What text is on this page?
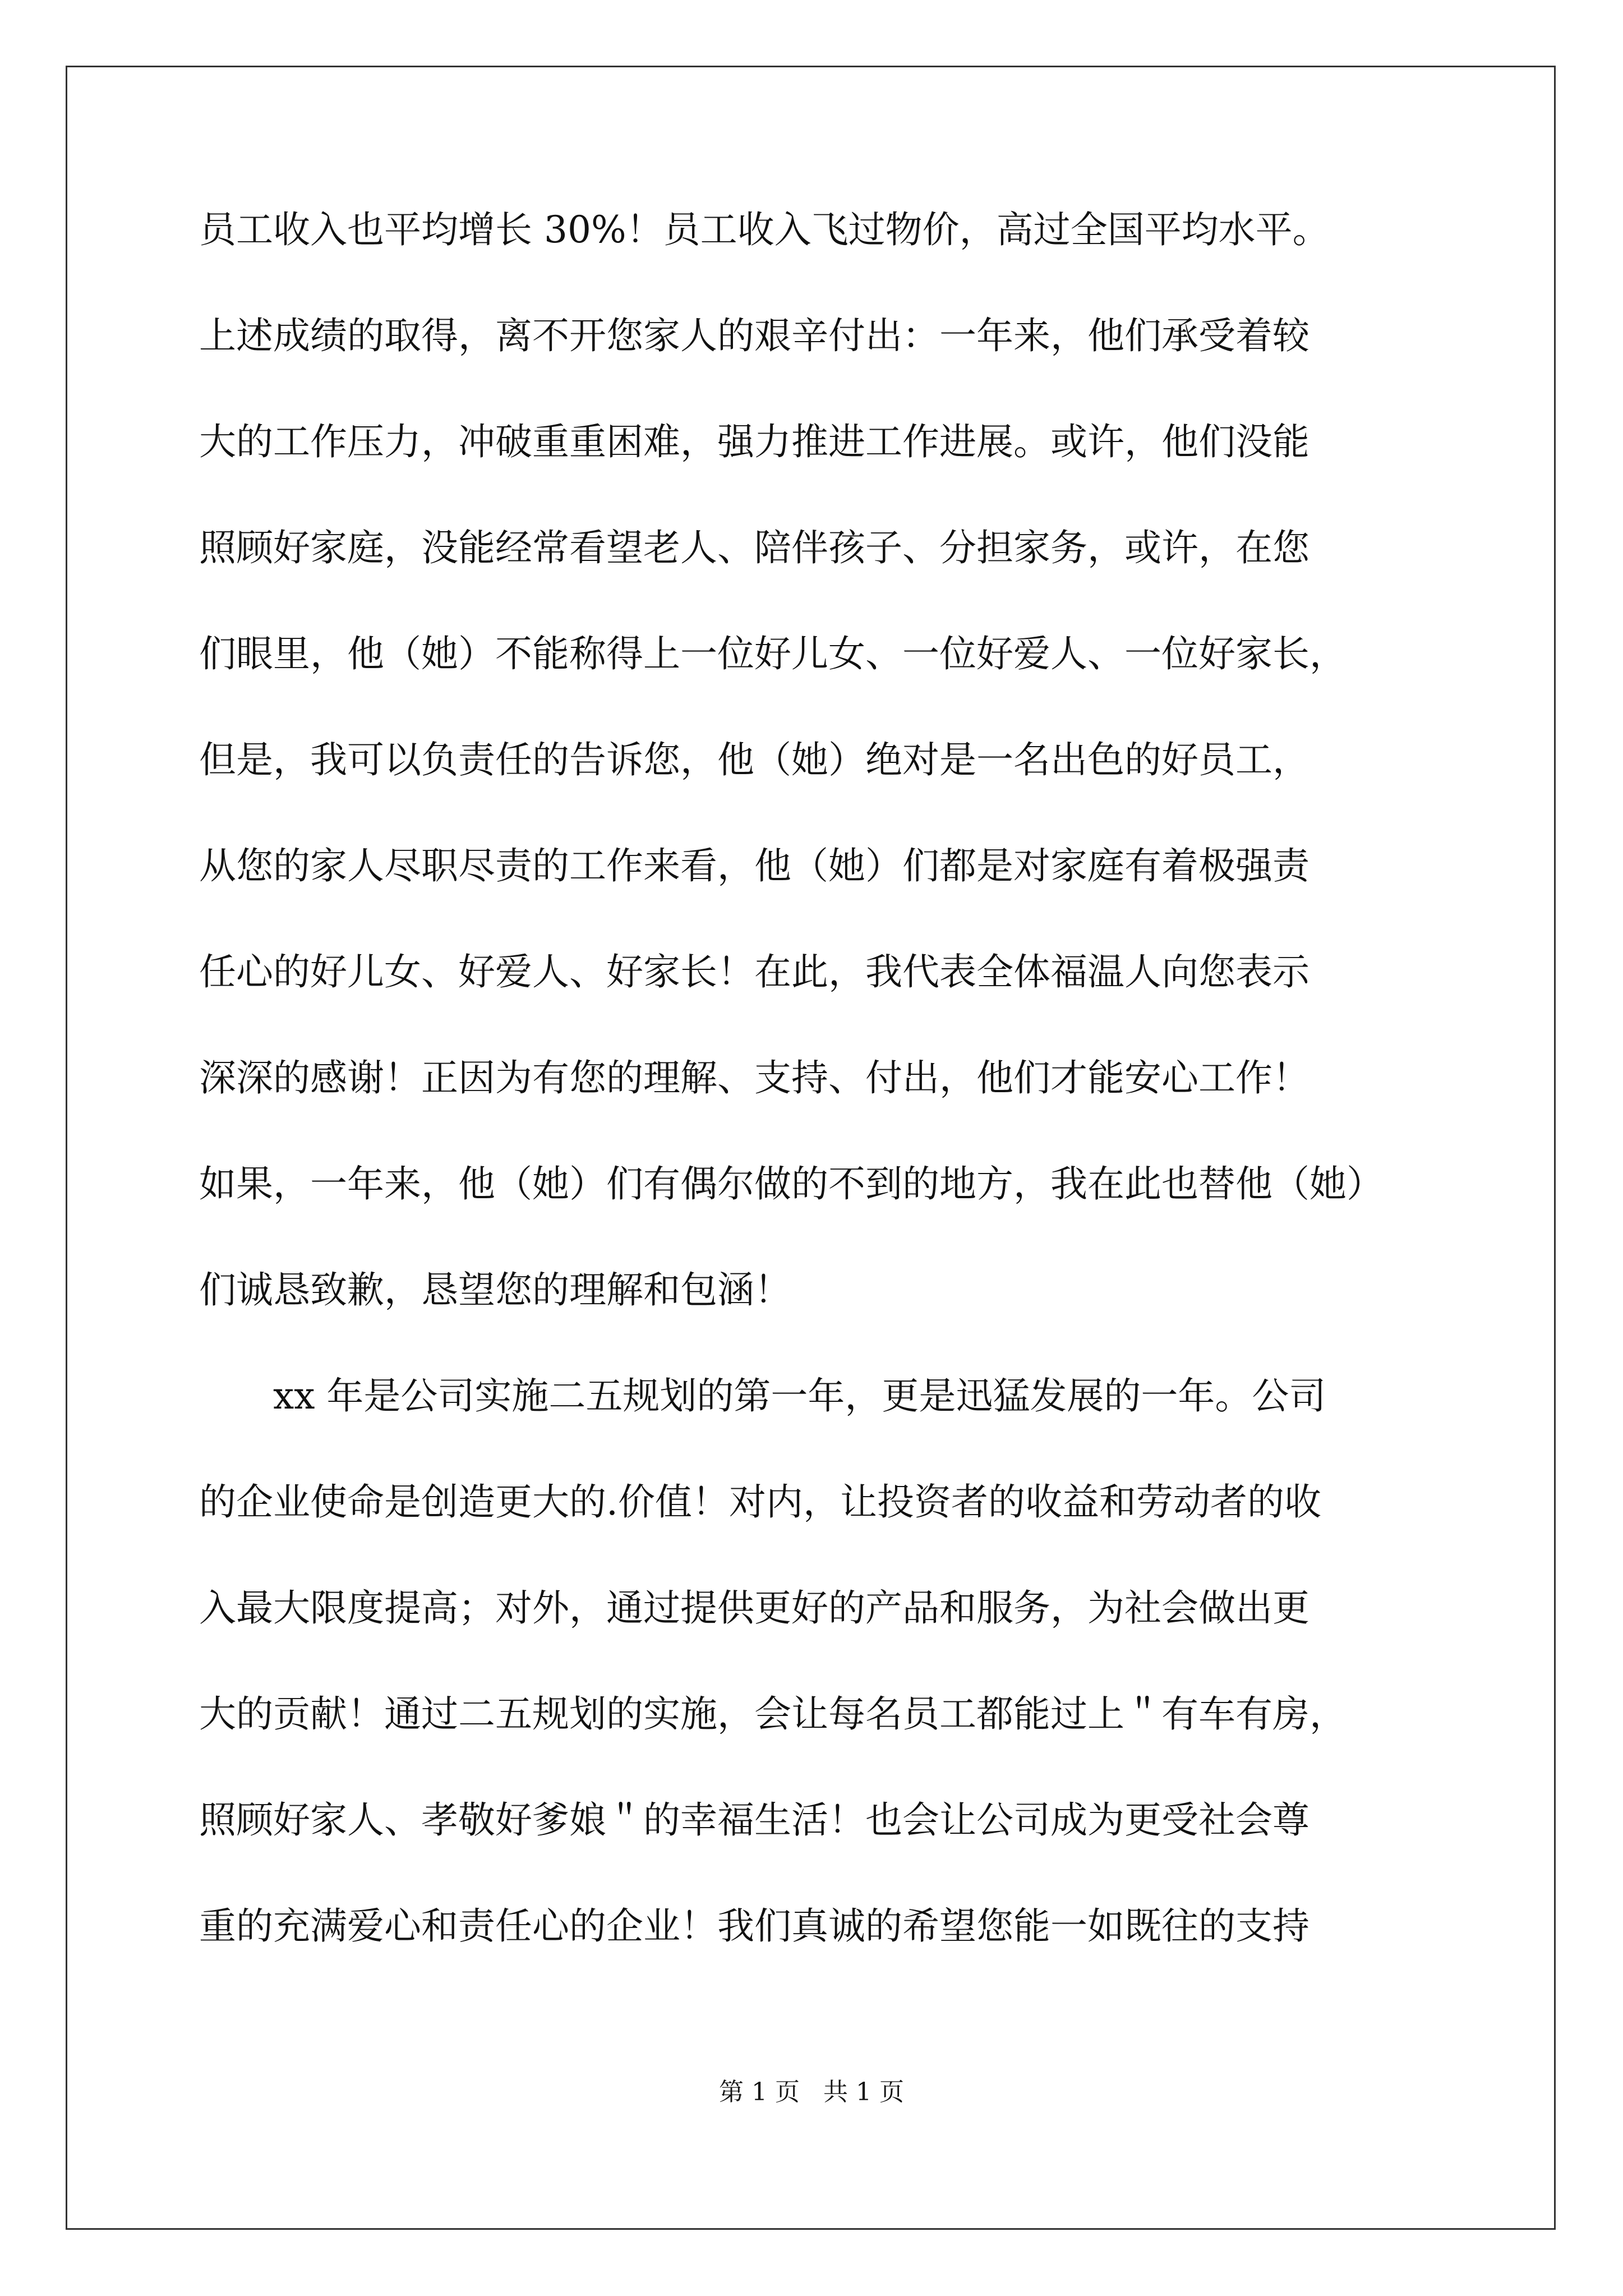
员工收入也平均增长 30%！员工收入飞过物价，高过全国平均水平。
上述成绩的取得，离不开您家人的艰辛付出：一年来，他们承受着较
大的工作压力，冲破重重困难，强力推进工作进展。或许，他们没能
照顾好家庭，没能经常看望老人、陪伴孩子、分担家务，或许，在您
们眼里，他（她）不能称得上一位好儿女、一位好爱人、一位好家长，
但是，我可以负责任的告诉您，他（她）绝对是一名出色的好员工，
从您的家人尽职尽责的工作来看，他（她）们都是对家庭有着极强责
任心的好儿女、好爱人、好家长！在此，我代表全体福温人向您表示
深深的感谢！正因为有您的理解、支持、付出，他们才能安心工作！
如果，一年来，他（她）们有偶尔做的不到的地方，我在此也替他（她）
们诚恳致歉，恳望您的理解和包涵！
xx 年是公司实施二五规划的第一年，更是迅猛发展的一年。公司
的企业使命是创造更大的.价值！对内，让投资者的收益和劳动者的收
入最大限度提高；对外，通过提供更好的产品和服务，为社会做出更
大的贡献！通过二五规划的实施，会让每名员工都能过上＂有车有房，
照顾好家人、孝敬好爹娘＂的幸福生活！也会让公司成为更受社会尊
重的充满爱心和责任心的企业！我们真诚的希望您能一如既往的支持
第 1 页   共 1 页
